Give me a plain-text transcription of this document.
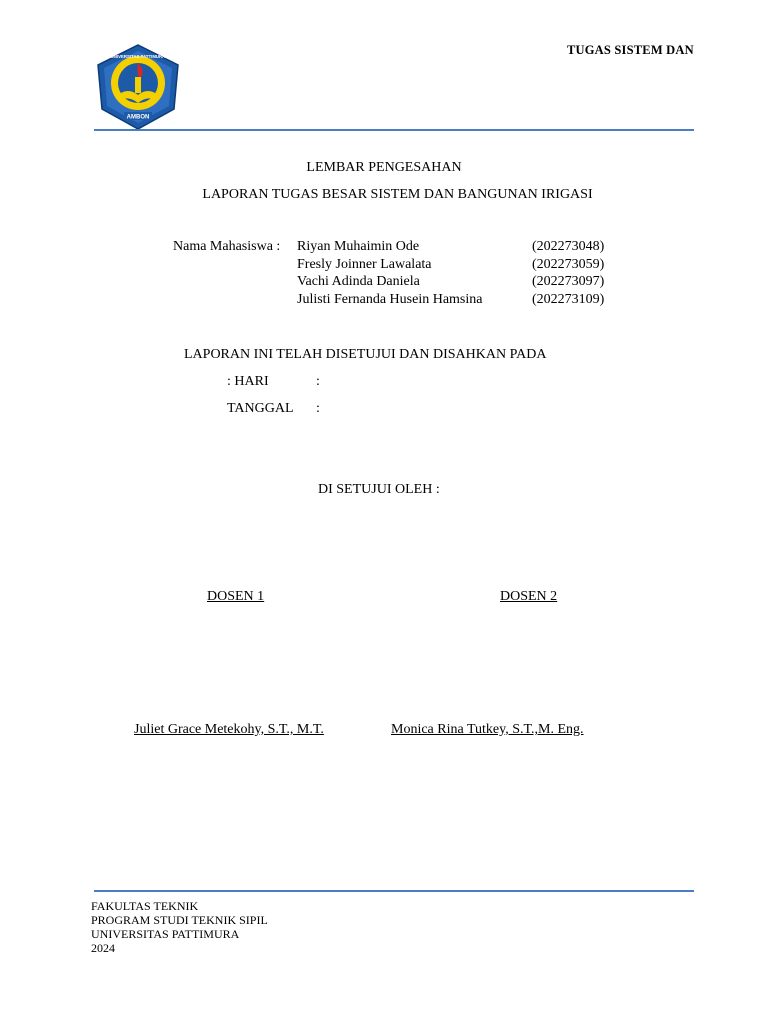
AMBON
UNIVERSITAS PATTIMURA	TUGAS SISTEM DAN
LEMBAR PENGESAHAN
LAPORAN TUGAS BESAR SISTEM DAN BANGUNAN IRIGASI
Nama Mahasiswa : Riyan Muhaimin Ode	(202273048)
Fresly Joinner Lawalata	(202273059)
Vachi Adinda Daniela	(202273097)
Julisti Fernanda Husein Hamsina	(202273109)
LAPORAN INI TELAH DISETUJUI DAN DISAHKAN PADA
: HARI	:
TANGGAL :
DI SETUJUI OLEH :
DOSEN 1	DOSEN 2
Juliet Grace Metekohy, S.T., M.T.	Monica Rina Tutkey, S.T.,M. Eng.
FAKULTAS TEKNIK
PROGRAM STUDI TEKNIK SIPIL
UNIVERSITAS PATTIMURA
2024
